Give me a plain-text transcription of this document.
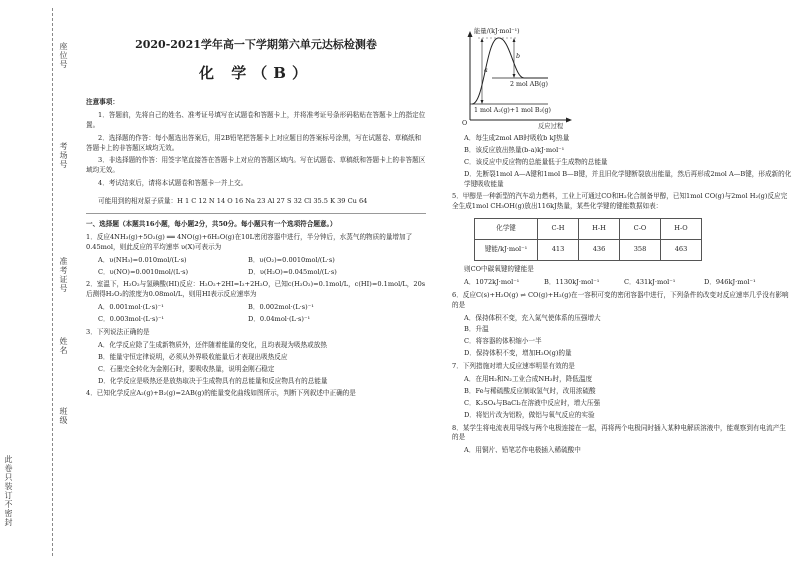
座位号
考场号
准考证号
姓名
班级
此卷只装订不密封
2020-2021学年高一下学期第六单元达标检测卷
化 学（B）
注意事项：
1．答题前，先将自己的姓名、准考证号填写在试题卷和答题卡上，并将准考证号条形码粘贴在答题卡上的指定位置。
2．选择题的作答：每小题选出答案后，用2B铅笔把答题卡上对应题目的答案标号涂黑，写在试题卷、草稿纸和答题卡上的非答题区域均无效。
3．非选择题的作答：用签字笔直接答在答题卡上对应的答题区域内。写在试题卷、草稿纸和答题卡上的非答题区域均无效。
4．考试结束后，请将本试题卷和答题卡一并上交。
可能用到的相对原子质量：H 1 C 12 N 14 O 16 Na 23 Al 27 S 32 Cl 35.5 K 39 Cu 64
一、选择题（本题共16小题，每小题2分，共50分。每小题只有一个选项符合题意。）
1．反应4NH₃(g)+5O₂(g) ══ 4NO(g)+6H₂O(g)在10L密闭容器中进行，半分钟后，水蒸气的物质的量增加了0.45mol，则此反应的平均速率 υ(X)可表示为
A．υ(NH₃)=0.010mol/(L·s)	B．υ(O₂)=0.0010mol/(L·s)
C．υ(NO)=0.0010mol/(L·s)	D．υ(H₂O)=0.045mol/(L·s)
2．室温下，H₂O₂与氢碘酸(HI)反应：H₂O₂+2HI=I₂+2H₂O，已知c(H₂O₂)=0.1mol/L，c(HI)=0.1mol/L，20s后测得H₂O₂的浓度为0.08mol/L，则用HI表示反应速率为
A．0.001mol·(L·s)⁻¹	B．0.002mol·(L·s)⁻¹
C．0.003mol·(L·s)⁻¹	D．0.04mol·(L·s)⁻¹
3．下列说法正确的是
A．化学反应除了生成新物质外，还伴随着能量的变化，且均表现为吸热或放热
B．能量守恒定律说明，必须从外界吸收能量后才表现出吸热反应
C．石墨完全转化为金刚石时，要吸收热量，说明金刚石稳定
D．化学反应是吸热还是放热取决于生成物具有的总能量和反应物具有的总能量
4．已知化学反应A₂(g)+B₂(g)=2AB(g)的能量变化曲线如图所示，判断下列叙述中正确的是
能量/(kJ·mol⁻¹)
a
b
2 mol AB(g)
1 mol A₂(g)+1 mol B₂(g)
O	反应过程
A．每生成2mol AB时吸收b kJ热量
B．该反应放出热量(b-a)kJ·mol⁻¹
C．该反应中反应物的总能量低于生成物的总能量
D．先断裂1mol A—A键和1mol B—B键，并且旧化学键断裂放出能量，然后再形成2mol A—B键，形成新的化学键吸收能量
5．甲醇是一种新型的汽车动力燃料，工业上可通过CO和H₂化合制备甲醇，已知1mol CO(g)与2mol H₂(g)反应完全生成1mol CH₃OH(g)放出116kJ热量，某些化学键的键能数据如表：
化学键	C-H	H-H	C-O	H-O
键能/kJ·mol⁻¹	413	436	358	463
则CO中碳氧键的键能是
A．1072kJ·mol⁻¹	B．1130kJ·mol⁻¹	C．431kJ·mol⁻¹	D．946kJ·mol⁻¹
6．反应C(s)+H₂O(g) ⇌ CO(g)+H₂(g)在一容积可变的密闭容器中进行，下列条件的改变对反应速率几乎没有影响的是
A．保持体积不变，充入氮气使体系的压强增大
B．升温
C．将容器的体积缩小一半
D．保持体积不变，增加H₂O(g)的量
7．下列措施对增大反应速率明显有效的是
A．在用H₂和N₂工业合成NH₃时，降低温度
B．Fe与稀硫酸反应制取氢气时，改用浓硫酸
C．K₂SO₄与BaCl₂在溶液中反应时，增大压强
D．将铝片改为铝粉，做铝与氧气反应的实验
8．某学生将电流表用导线与两个电极连接在一起，再将两个电极同时插入某种电解质溶液中，能观察到有电流产生的是
A．用铜片、铅笔芯作电极插入稀硫酸中
